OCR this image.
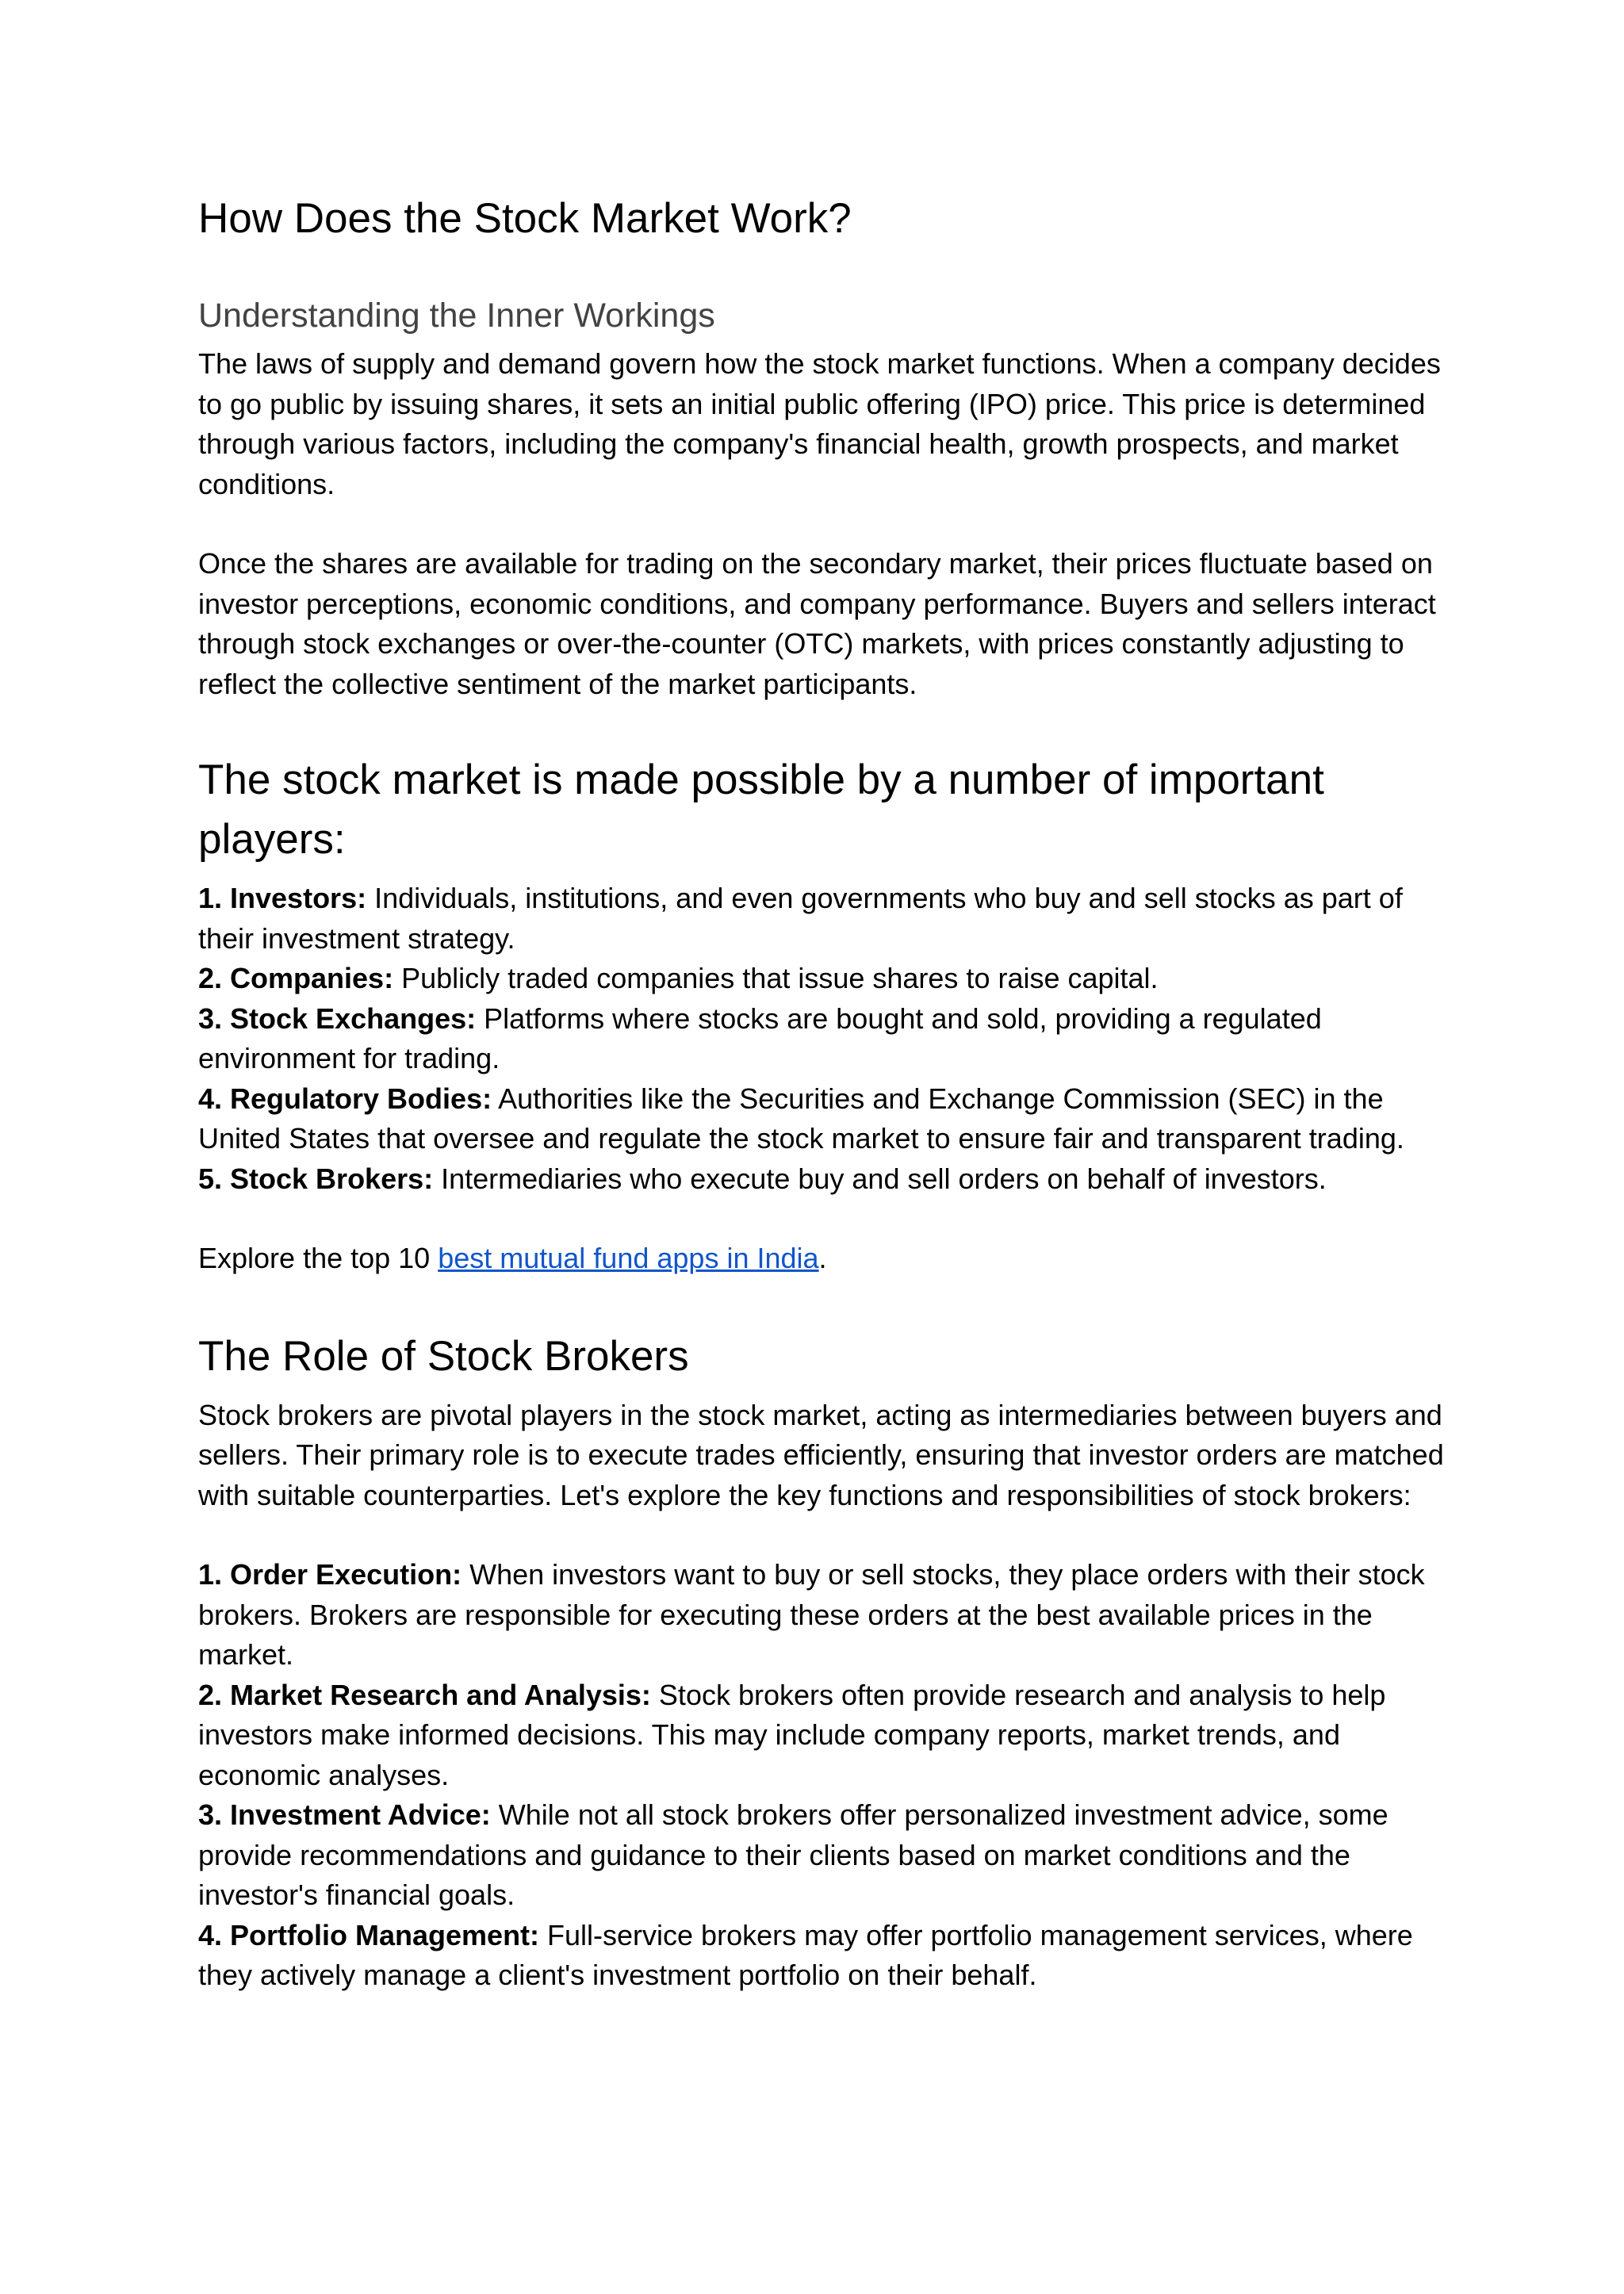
How Does the Stock Market Work?
Understanding the Inner Workings

The laws of supply and demand govern how the stock market functions. When a company decides to go public by issuing shares, it sets an initial public offering (IPO) price. This price is determined through various factors, including the company's financial health, growth prospects, and market conditions.

Once the shares are available for trading on the secondary market, their prices fluctuate based on investor perceptions, economic conditions, and company performance. Buyers and sellers interact through stock exchanges or over-the-counter (OTC) markets, with prices constantly adjusting to reflect the collective sentiment of the market participants.

The stock market is made possible by a number of important players:

1. Investors: Individuals, institutions, and even governments who buy and sell stocks as part of their investment strategy.

2. Companies: Publicly traded companies that issue shares to raise capital.

3. Stock Exchanges: Platforms where stocks are bought and sold, providing a regulated environment for trading.

4. Regulatory Bodies: Authorities like the Securities and Exchange Commission (SEC) in the United States that oversee and regulate the stock market to ensure fair and transparent trading.

5. Stock Brokers: Intermediaries who execute buy and sell orders on behalf of investors.

Explore the top 10 best mutual fund apps in India.

The Role of Stock Brokers

Stock brokers are pivotal players in the stock market, acting as intermediaries between buyers and sellers. Their primary role is to execute trades efficiently, ensuring that investor orders are matched with suitable counterparties. Let's explore the key functions and responsibilities of stock brokers:

1. Order Execution: When investors want to buy or sell stocks, they place orders with their stock brokers. Brokers are responsible for executing these orders at the best available prices in the market.

2. Market Research and Analysis: Stock brokers often provide research and analysis to help investors make informed decisions. This may include company reports, market trends, and economic analyses.

3. Investment Advice: While not all stock brokers offer personalized investment advice, some provide recommendations and guidance to their clients based on market conditions and the investor's financial goals.

4. Portfolio Management: Full-service brokers may offer portfolio management services, where they actively manage a client's investment portfolio on their behalf.
